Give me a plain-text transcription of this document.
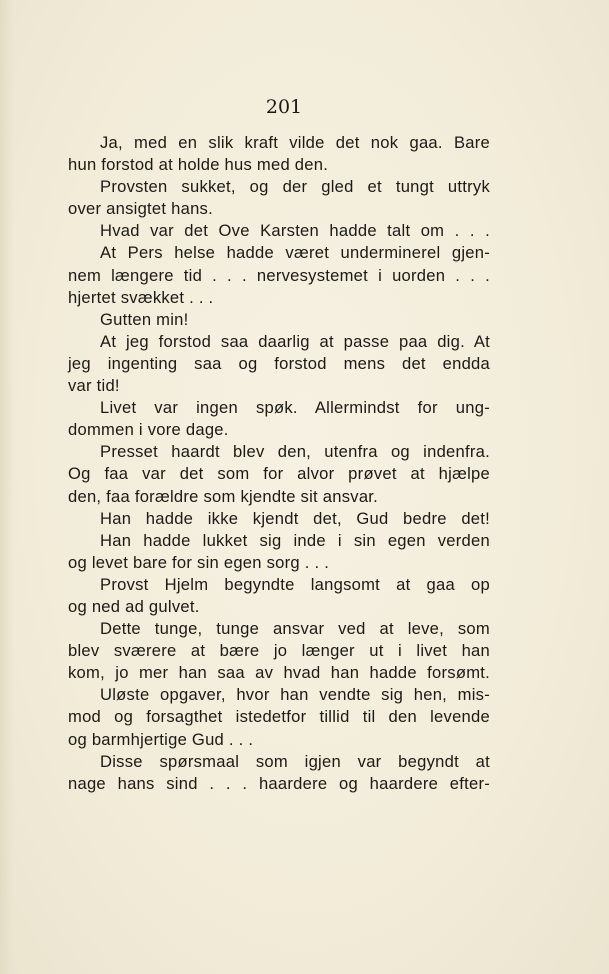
201
Ja, med en slik kraft vilde det nok gaa. Bare
hun forstod at holde hus med den.
Provsten sukket, og der gled et tungt uttryk
over ansigtet hans.
Hvad var det Ove Karsten hadde talt om . . .
At Pers helse hadde været underminerel gjen-
nem længere tid . . . nervesystemet i uorden . . .
hjertet svækket . . .
Gutten min!
At jeg forstod saa daarlig at passe paa dig. At
jeg ingenting saa og forstod mens det endda
var tid!
Livet var ingen spøk. Allermindst for ung-
dommen i vore dage.
Presset haardt blev den, utenfra og indenfra.
Og faa var det som for alvor prøvet at hjælpe
den, faa forældre som kjendte sit ansvar.
Han hadde ikke kjendt det, Gud bedre det!
Han hadde lukket sig inde i sin egen verden
og levet bare for sin egen sorg . . .
Provst Hjelm begyndte langsomt at gaa op
og ned ad gulvet.
Dette tunge, tunge ansvar ved at leve, som
blev sværere at bære jo længer ut i livet han
kom, jo mer han saa av hvad han hadde forsømt.
Uløste opgaver, hvor han vendte sig hen, mis-
mod og forsagthet istedetfor tillid til den levende
og barmhjertige Gud . . .
Disse spørsmaal som igjen var begyndt at
nage hans sind . . . haardere og haardere efter-
